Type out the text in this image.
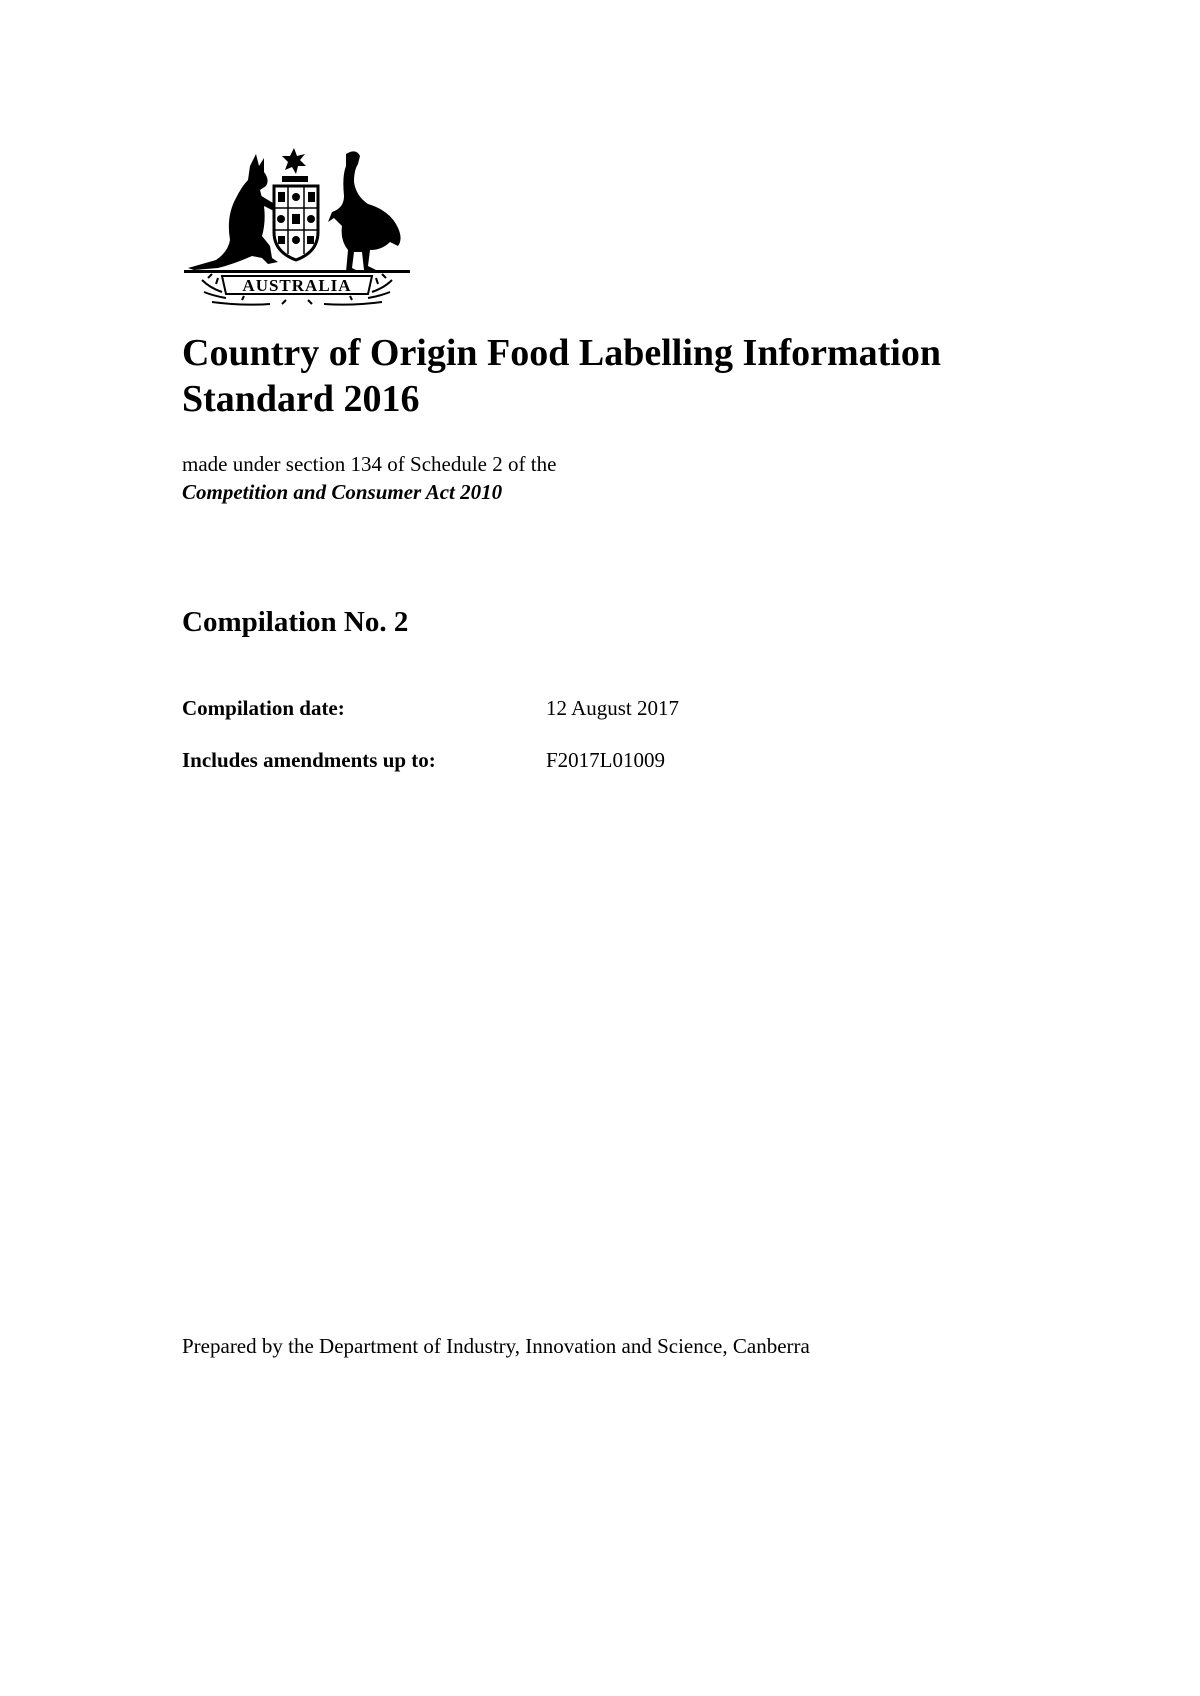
AUSTRALIA
Country of Origin Food Labelling Information Standard 2016

made under section 134 of Schedule 2 of the

Competition and Consumer Act 2010

Compilation No. 2
Compilation date:	12 August 2017
Includes amendments up to:	F2017L01009

Prepared by the Department of Industry, Innovation and Science, Canberra
